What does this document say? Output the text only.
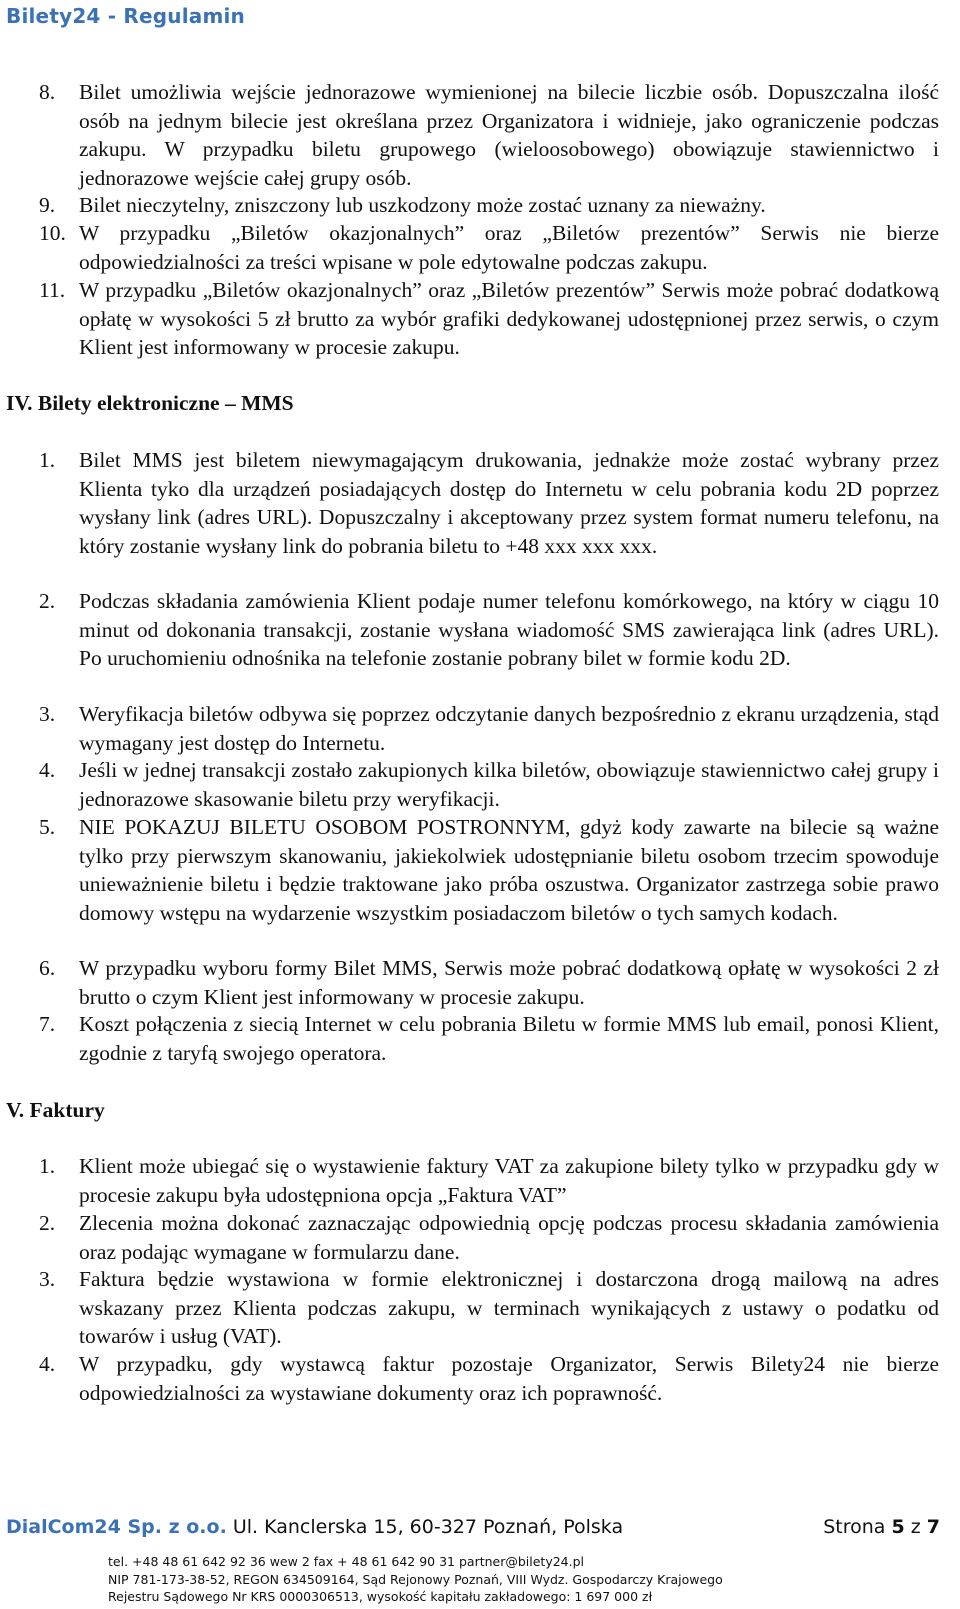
Bilety24 - Regulamin
8. Bilet umożliwia wejście jednorazowe wymienionej na bilecie liczbie osób. Dopuszczalna ilość osób na jednym bilecie jest określana przez Organizatora i widnieje, jako ograniczenie podczas zakupu. W przypadku biletu grupowego (wieloosobowego) obowiązuje stawiennictwo i jednorazowe wejście całej grupy osób.
9. Bilet nieczytelny, zniszczony lub uszkodzony może zostać uznany za nieważny.
10. W przypadku „Biletów okazjonalnych” oraz „Biletów prezentów” Serwis nie bierze odpowiedzialności za treści wpisane w pole edytowalne podczas zakupu.
11. W przypadku „Biletów okazjonalnych” oraz „Biletów prezentów” Serwis może pobrać dodatkową opłatę w wysokości 5 zł brutto za wybór grafiki dedykowanej udostępnionej przez serwis, o czym Klient jest informowany w procesie zakupu.
IV. Bilety elektroniczne – MMS
1. Bilet MMS jest biletem niewymagającym drukowania, jednakże może zostać wybrany przez Klienta tyko dla urządzeń posiadających dostęp do Internetu w celu pobrania kodu 2D poprzez wysłany link (adres URL). Dopuszczalny i akceptowany przez system format numeru telefonu, na który zostanie wysłany link do pobrania biletu to +48 xxx xxx xxx.
2. Podczas składania zamówienia Klient podaje numer telefonu komórkowego, na który w ciągu 10 minut od dokonania transakcji, zostanie wysłana wiadomość SMS zawierająca link (adres URL). Po uruchomieniu odnośnika na telefonie zostanie pobrany bilet w formie kodu 2D.
3. Weryfikacja biletów odbywa się poprzez odczytanie danych bezpośrednio z ekranu urządzenia, stąd wymagany jest dostęp do Internetu.
4. Jeśli w jednej transakcji zostało zakupionych kilka biletów, obowiązuje stawiennictwo całej grupy i jednorazowe skasowanie biletu przy weryfikacji.
5. NIE POKAZUJ BILETU OSOBOM POSTRONNYM, gdyż kody zawarte na bilecie są ważne tylko przy pierwszym skanowaniu, jakiekolwiek udostępnianie biletu osobom trzecim spowoduje unieważnienie biletu i będzie traktowane jako próba oszustwa. Organizator zastrzega sobie prawo domowy wstępu na wydarzenie wszystkim posiadaczom biletów o tych samych kodach.
6. W przypadku wyboru formy Bilet MMS, Serwis może pobrać dodatkową opłatę w wysokości 2 zł brutto o czym Klient jest informowany w procesie zakupu.
7. Koszt połączenia z siecią Internet w celu pobrania Biletu w formie MMS lub email, ponosi Klient, zgodnie z taryfą swojego operatora.
V. Faktury
1. Klient może ubiegać się o wystawienie faktury VAT za zakupione bilety tylko w przypadku gdy w procesie zakupu była udostępniona opcja „Faktura VAT”
2. Zlecenia można dokonać zaznaczając odpowiednią opcję podczas procesu składania zamówienia oraz podając wymagane w formularzu dane.
3. Faktura będzie wystawiona w formie elektronicznej i dostarczona drogą mailową na adres wskazany przez Klienta podczas zakupu, w terminach wynikających z ustawy o podatku od towarów i usług (VAT).
4. W przypadku, gdy wystawcą faktur pozostaje Organizator, Serwis Bilety24 nie bierze odpowiedzialności za wystawiane dokumenty oraz ich poprawność.
DialCom24 Sp. z o.o. Ul. Kanclerska 15, 60-327 Poznań, Polska	Strona 5 z 7
tel. +48 48 61 642 92 36 wew 2 fax + 48 61 642 90 31 partner@bilety24.pl
NIP 781-173-38-52, REGON 634509164, Sąd Rejonowy Poznań, VIII Wydz. Gospodarczy Krajowego
Rejestru Sądowego Nr KRS 0000306513, wysokość kapitału zakładowego: 1 697 000 zł
